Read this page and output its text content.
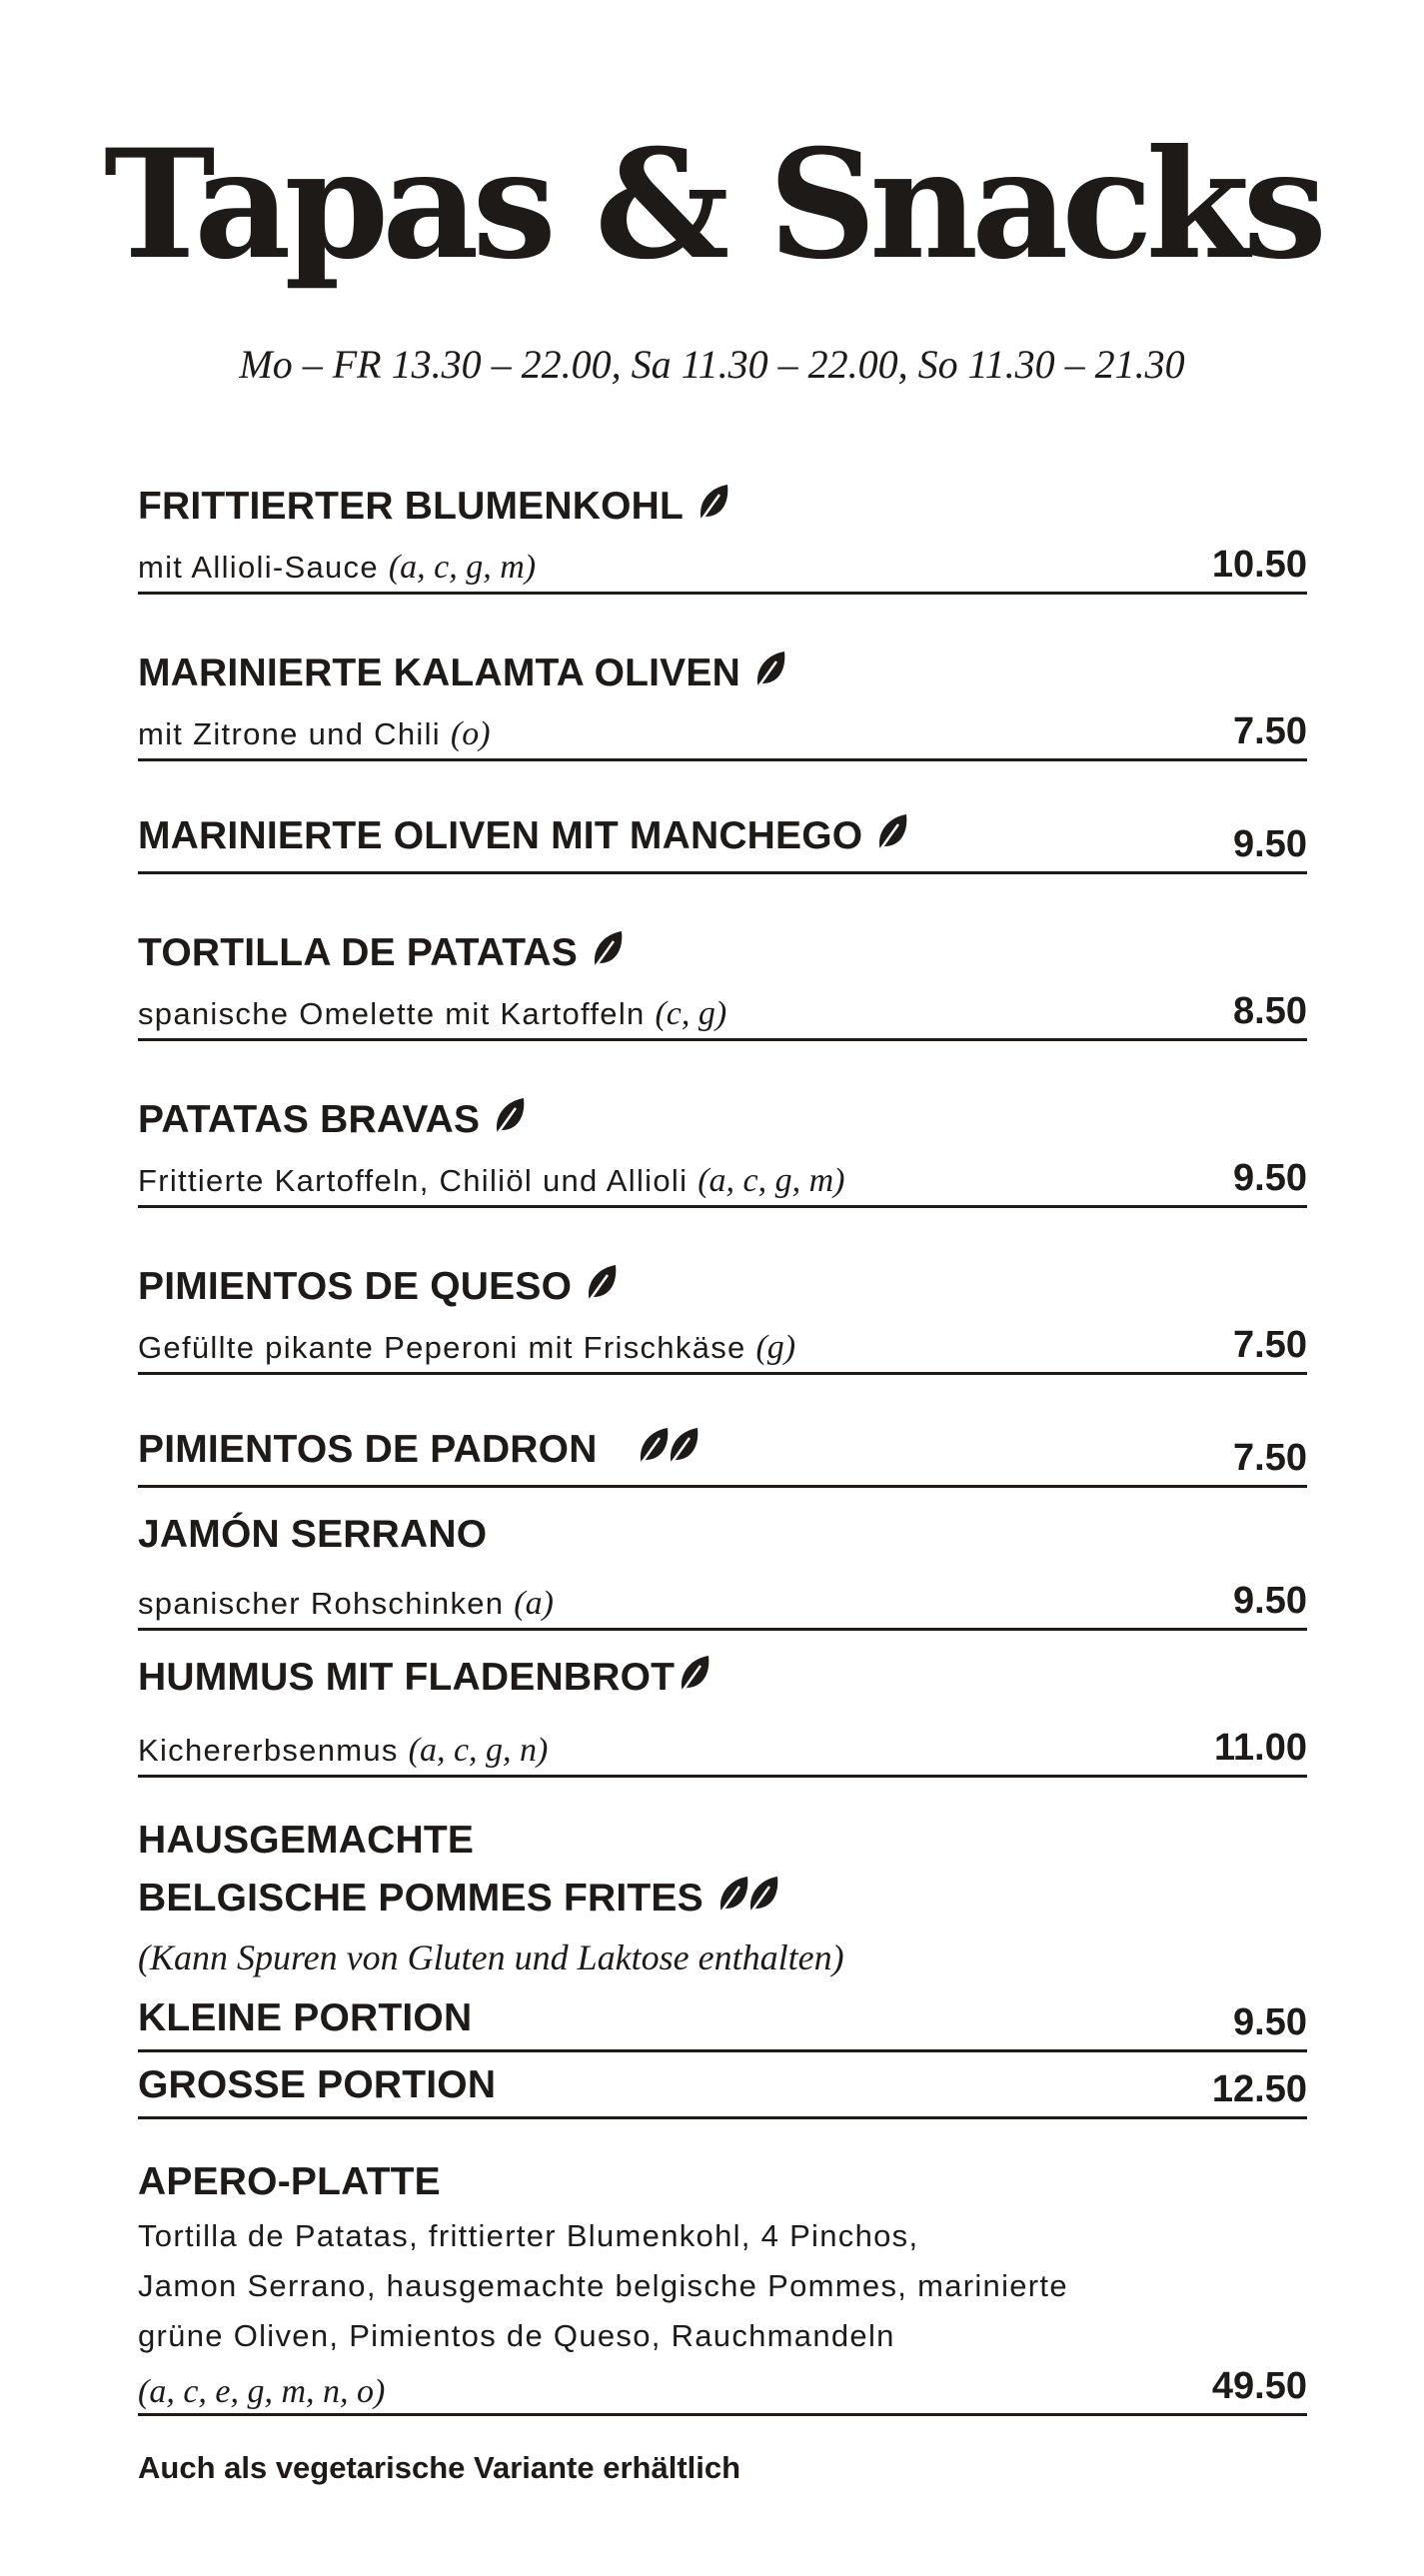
Tapas & Snacks
Mo – FR 13.30 – 22.00, Sa 11.30 – 22.00, So 11.30 – 21.30
FRITTIERTER BLUMENKOHL
mit Allioli-Sauce (a, c, g, m)	10.50
MARINIERTE KALAMTA OLIVEN
mit Zitrone und Chili (o)	7.50
MARINIERTE OLIVEN MIT MANCHEGO	9.50
TORTILLA DE PATATAS
spanische Omelette mit Kartoffeln (c, g)	8.50
PATATAS BRAVAS
Frittierte Kartoffeln, Chiliöl und Allioli (a, c, g, m)	9.50
PIMIENTOS DE QUESO
Gefüllte pikante Peperoni mit Frischkäse (g)	7.50
PIMIENTOS DE PADRON	7.50
JAMÓN SERRANO
spanischer Rohschinken (a)	9.50
HUMMUS MIT FLADENBROT
Kichererbsenmus (a, c, g, n)	11.00
HAUSGEMACHTE
BELGISCHE POMMES FRITES
(Kann Spuren von Gluten und Laktose enthalten)
KLEINE PORTION	9.50
GROSSE PORTION	12.50
APERO-PLATTE
Tortilla de Patatas, frittierter Blumenkohl, 4 Pinchos,
Jamon Serrano, hausgemachte belgische Pommes, marinierte
grüne Oliven, Pimientos de Queso, Rauchmandeln
(a, c, e, g, m, n, o)	49.50
Auch als vegetarische Variante erhältlich
